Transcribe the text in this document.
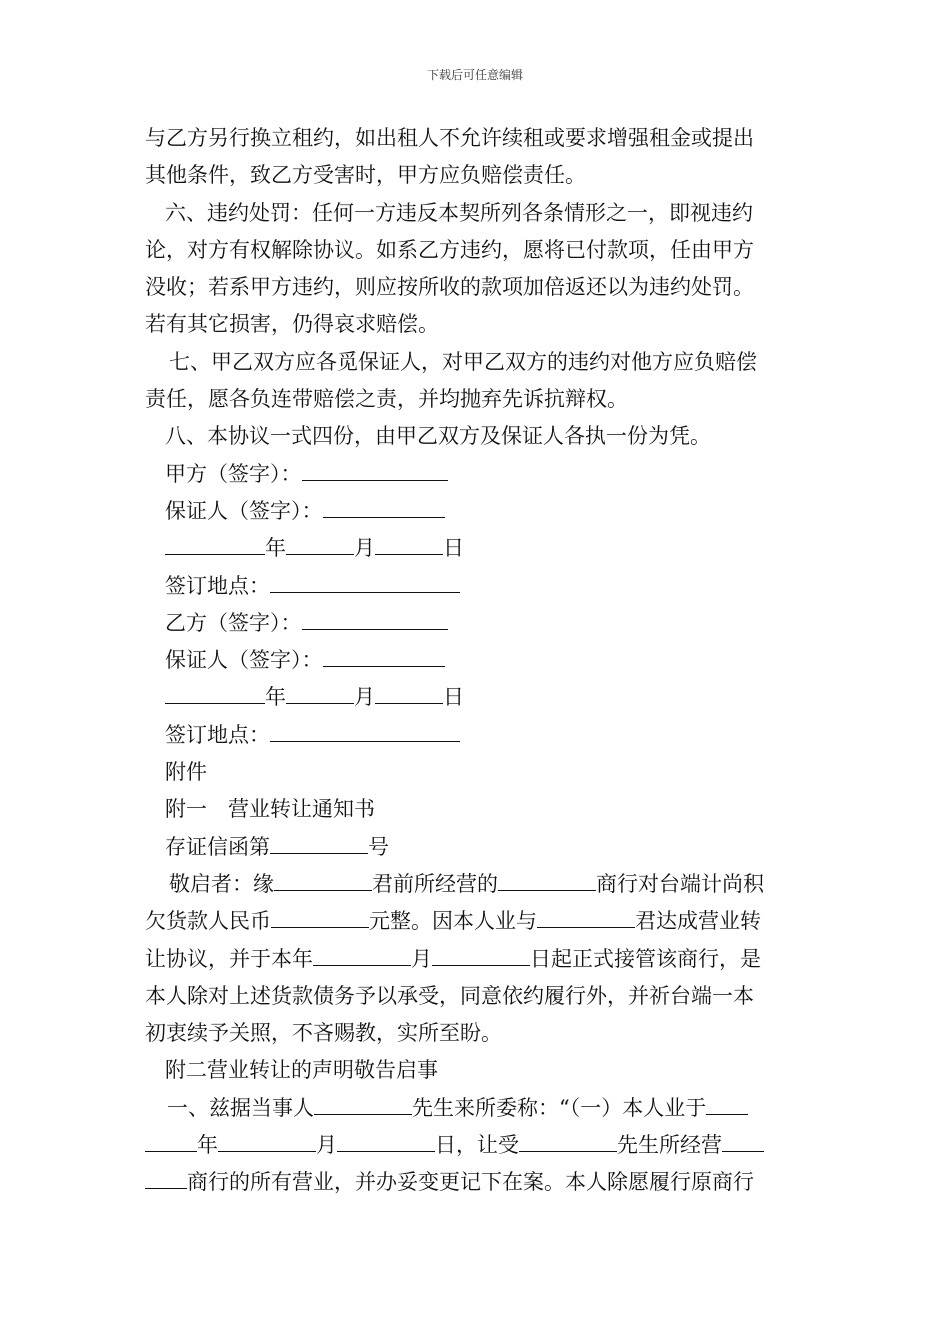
下载后可任意编辑
与乙方另行换立租约，如出租人不允许续租或要求增强租金或提出
其他条件，致乙方受害时，甲方应负赔偿责任。
六、违约处罚：任何一方违反本契所列各条情形之一，即视违约
论，对方有权解除协议。如系乙方违约，愿将已付款项，任由甲方
没收；若系甲方违约，则应按所收的款项加倍返还以为违约处罚。
若有其它损害，仍得哀求赔偿。
七、甲乙双方应各觅保证人，对甲乙双方的违约对他方应负赔偿
责任，愿各负连带赔偿之责，并均抛弃先诉抗辩权。
八、本协议一式四份，由甲乙双方及保证人各执一份为凭。
甲方（签字）：
保证人（签字）：
年	月	日
签订地点：
乙方（签字）：
保证人（签字）：
年	月	日
签订地点：
附件
附一　营业转让通知书
存证信函第	号
敬启者：缘	君前所经营的	商行对台端计尚积
欠货款人民币	元整。因本人业与	君达成营业转
让协议，并于本年	月	日起正式接管该商行，是
本人除对上述货款债务予以承受，同意依约履行外，并祈台端一本
初衷续予关照，不吝赐教，实所至盼。
附二营业转让的声明敬告启事
一、兹据当事人	先生来所委称：“（一）本人业于
年	月	日，让受	先生所经营
商行的所有营业，并办妥变更记下在案。本人除愿履行原商行
